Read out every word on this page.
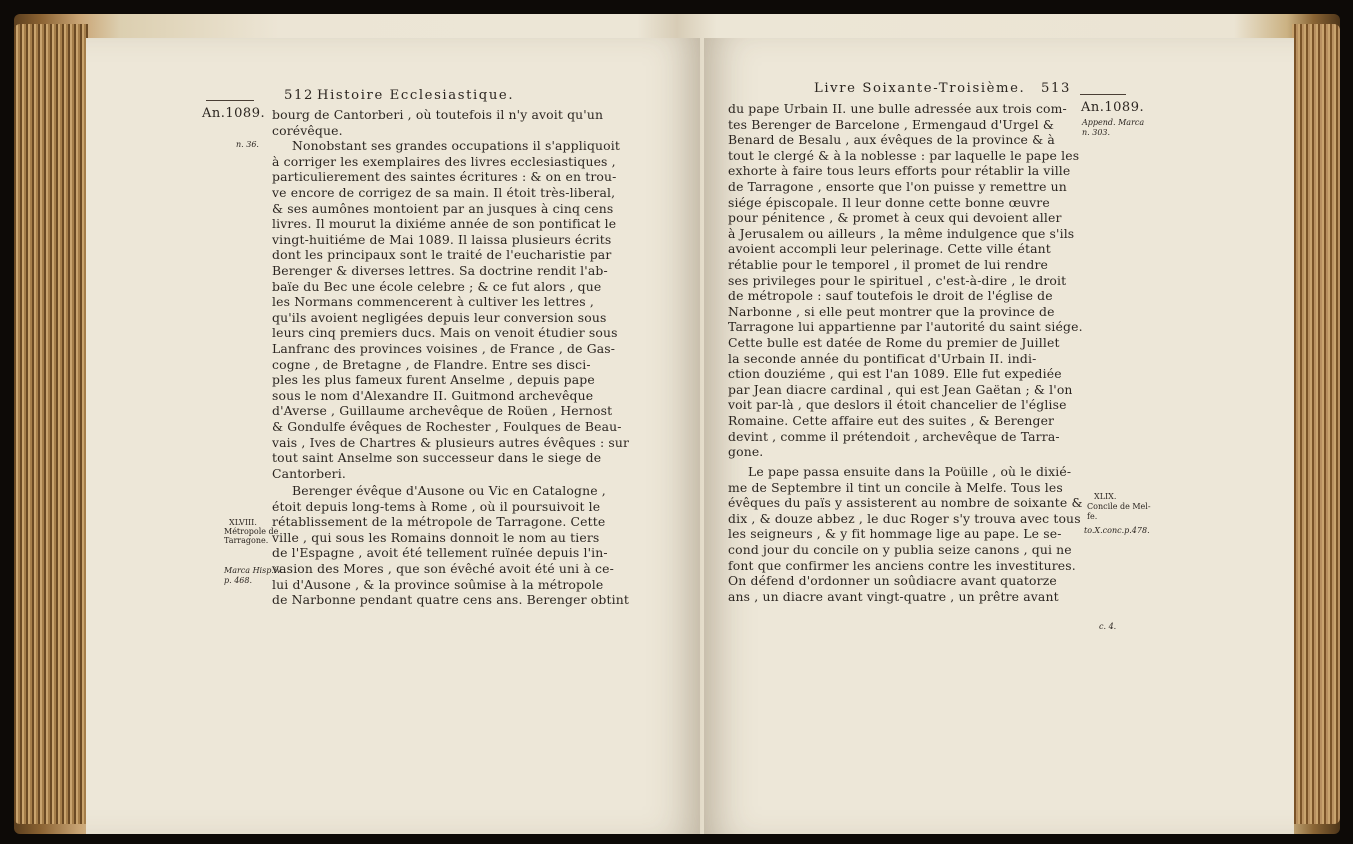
512 Histoire Ecclesiastique.
An.1089.
n. 36.
XLVIII.
Métropole de
Tarragone.
Marca Hisp.iv.
p. 468.
bourg de Cantorberi , où toutefois il n'y avoit qu'un
corévêque.
Nonobstant ses grandes occupations il s'appliquoit
à corriger les exemplaires des livres ecclesiastiques ,
particulierement des saintes écritures : & on en trou-
ve encore de corrigez de sa main. Il étoit très-liberal,
& ses aumônes montoient par an jusques à cinq cens
livres. Il mourut la dixiéme année de son pontificat le
vingt-huitiéme de Mai 1089. Il laissa plusieurs écrits
dont les principaux sont le traité de l'eucharistie par
Berenger & diverses lettres. Sa doctrine rendit l'ab-
baïe du Bec une école celebre ; & ce fut alors , que
les Normans commencerent à cultiver les lettres ,
qu'ils avoient negligées depuis leur conversion sous
leurs cinq premiers ducs. Mais on venoit étudier sous
Lanfranc des provinces voisines , de France , de Gas-
cogne , de Bretagne , de Flandre. Entre ses disci-
ples les plus fameux furent Anselme , depuis pape
sous le nom d'Alexandre II. Guitmond archevêque
d'Averse , Guillaume archevêque de Roüen , Hernost
& Gondulfe évêques de Rochester , Foulques de Beau-
vais , Ives de Chartres & plusieurs autres évêques : sur
tout saint Anselme son successeur dans le siege de
Cantorberi.
Berenger évêque d'Ausone ou Vic en Catalogne ,
étoit depuis long-tems à Rome , où il poursuivoit le
rétablissement de la métropole de Tarragone. Cette
ville , qui sous les Romains donnoit le nom au tiers
de l'Espagne , avoit été tellement ruïnée depuis l'in-
vasion des Mores , que son évêché avoit été uni à ce-
lui d'Ausone , & la province soûmise à la métropole
de Narbonne pendant quatre cens ans. Berenger obtint
Livre Soixante-Troisième. 513
An.1089.
Append. Marca
n. 303.
XLIX.
Concile de Mel-
fe.
to.X.conc.p.478.
c. 4.
du pape Urbain II. une bulle adressée aux trois com-
tes Berenger de Barcelone , Ermengaud d'Urgel &
Benard de Besalu , aux évêques de la province & à
tout le clergé & à la noblesse : par laquelle le pape les
exhorte à faire tous leurs efforts pour rétablir la ville
de Tarragone , ensorte que l'on puisse y remettre un
siége épiscopale. Il leur donne cette bonne œuvre
pour pénitence , & promet à ceux qui devoient aller
à Jerusalem ou ailleurs , la même indulgence que s'ils
avoient accompli leur pelerinage. Cette ville étant
rétablie pour le temporel , il promet de lui rendre
ses privileges pour le spirituel , c'est-à-dire , le droit
de métropole : sauf toutefois le droit de l'église de
Narbonne , si elle peut montrer que la province de
Tarragone lui appartienne par l'autorité du saint siége.
Cette bulle est datée de Rome du premier de Juillet
la seconde année du pontificat d'Urbain II. indi-
ction douziéme , qui est l'an 1089. Elle fut expediée
par Jean diacre cardinal , qui est Jean Gaëtan ; & l'on
voit par-là , que deslors il étoit chancelier de l'église
Romaine. Cette affaire eut des suites , & Berenger
devint , comme il prétendoit , archevêque de Tarra-
gone.
Le pape passa ensuite dans la Poüille , où le dixié-
me de Septembre il tint un concile à Melfe. Tous les
évêques du païs y assisterent au nombre de soixante &
dix , & douze abbez , le duc Roger s'y trouva avec tous
les seigneurs , & y fit hommage lige au pape. Le se-
cond jour du concile on y publia seize canons , qui ne
font que confirmer les anciens contre les investitures.
On défend d'ordonner un soûdiacre avant quatorze
ans , un diacre avant vingt-quatre , un prêtre avant
